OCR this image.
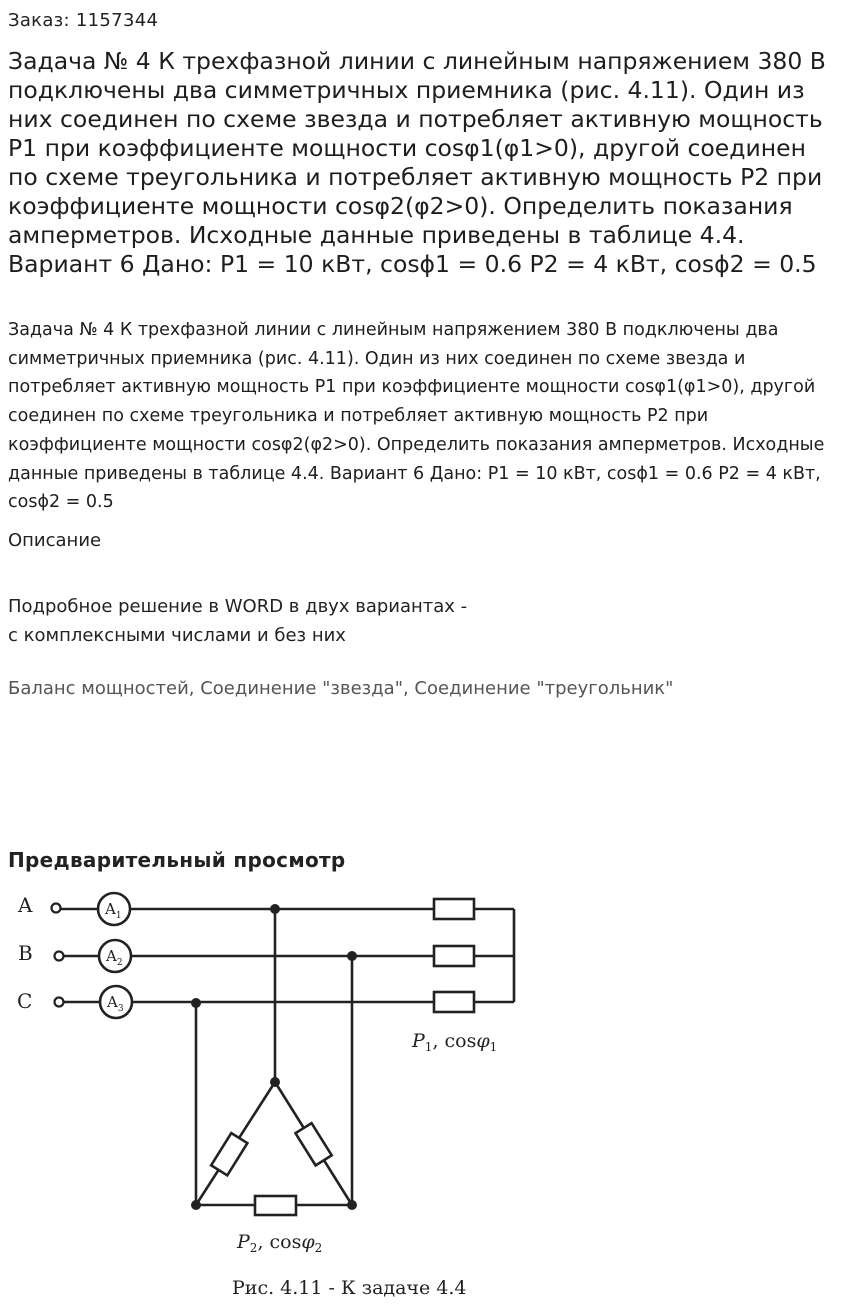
Заказ: 1157344
Задача № 4 К трехфазной линии с линейным напряжением 380 В подключены два симметричных приемника (рис. 4.11). Один из них соединен по схеме звезда и потребляет активную мощность P1 при коэффициенте мощности cosφ1(φ1>0), другой соединен по схеме треугольника и потребляет активную мощность P2 при коэффициенте мощности cosφ2(φ2>0). Определить показания амперметров. Исходные данные приведены в таблице 4.4. Вариант 6 Дано: P1 = 10 кВт, cosϕ1 = 0.6 P2 = 4 кВт, cosϕ2 = 0.5
Задача № 4 К трехфазной линии с линейным напряжением 380 В подключены два симметричных приемника (рис. 4.11). Один из них соединен по схеме звезда и потребляет активную мощность P1 при коэффициенте мощности cosφ1(φ1>0), другой соединен по схеме треугольника и потребляет активную мощность P2 при коэффициенте мощности cosφ2(φ2>0). Определить показания амперметров. Исходные данные приведены в таблице 4.4. Вариант 6 Дано: P1 = 10 кВт, cosϕ1 = 0.6 P2 = 4 кВт, cosϕ2 = 0.5
Описание
Подробное решение в WORD в двух вариантах -
с комплексными числами и без них
Баланс мощностей, Соединение "звезда", Соединение "треугольник"
Предварительный просмотр
A
B
C
$A_1$
$A_2$
$A_3$
$P_1$, cosφ$_1$
$P_2$, cosφ$_2$
Рис. 4.11 - К задаче 4.4
